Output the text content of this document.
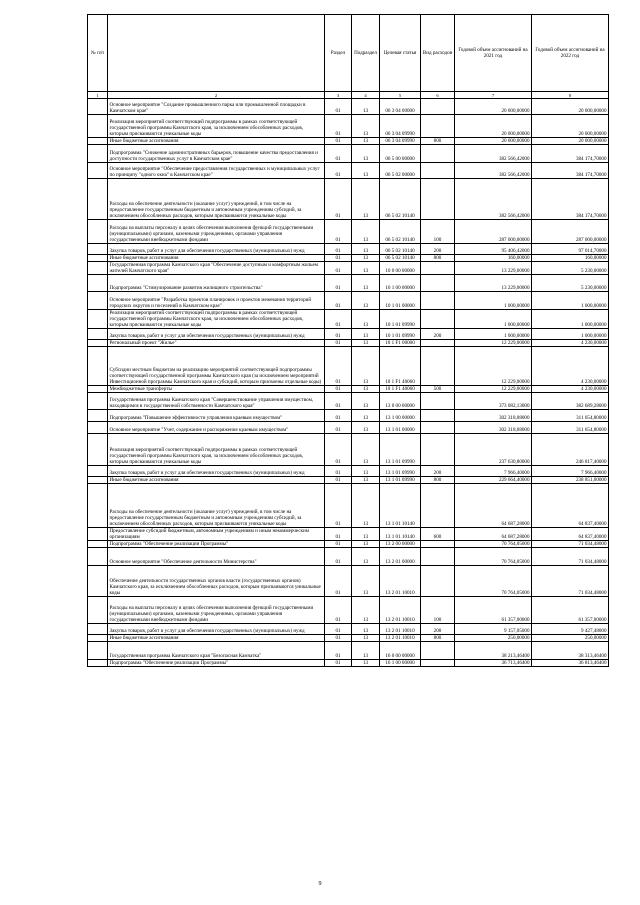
№ п/п		Раздел	Подраздел	Целевая статья	Вид расходов	Годовой объем ассигнований на 2021 год	Годовой объем ассигнований на 2022 год
1	2	3	4	5	6	7	8
	Основное мероприятие "Создание промышленного парка или промышленной площадки в Камчатском крае"	01	13	06 3 04 00000		20 000,00000	20 000,00000
	Реализация мероприятий соответствующей подпрограммы в рамках соответствующей государственной программы Камчатского края, за исключением обособленных расходов, которым присваиваются уникальные коды	01	13	06 3 04 09990		20 000,00000	20 000,00000
	Иные бюджетные ассигнования	01	13	06 3 04 09990	800	20 000,00000	20 000,00000
	Подпрограмма "Снижение административных барьеров, повышение качества предоставления и доступности государственных услуг в Камчатском крае"	01	13	06 5 00 00000		382 566,42000	384 174,70000
	Основное мероприятие "Обеспечение предоставления государственных и муниципальных услуг по принципу "одного окна" в Камчатском крае"	01	13	06 5 02 00000		382 566,42000	384 174,70000
	Расходы на обеспечение деятельности (оказание услуг) учреждений, в том числе на предоставление государственным бюджетным и автономным учреждениям субсидий, за исключением обособленных расходов, которым присваиваются уникальные коды	01	13	06 5 02 10140		382 566,42000	384 174,70000
	Расходы на выплаты персоналу в целях обеспечения выполнения функций государственными (муниципальными) органами, казенными учреждениями, органами управления государственными внебюджетными фондами	01	13	06 5 02 10140	100	287 000,00000	287 000,00000
	Закупка товаров, работ и услуг для обеспечения государственных (муниципальных) нужд	01	13	06 5 02 10140	200	95 406,42000	97 014,70000
	Иные бюджетные ассигнования	01	13	06 5 02 10140	800	160,00000	160,00000
	Государственная программа Камчатского края "Обеспечение доступным и комфортным жильем жителей Камчатского края"	01	13	10 0 00 00000		13 229,00000	5 230,00000
	Подпрограмма "Стимулирование развития жилищного строительства"	01	13	10 1 00 00000		13 229,00000	5 230,00000
	Основное мероприятие "Разработка проектов планировок и проектов межевания территорий городских округов и поселений в Камчатском крае"	01	13	10 1 01 00000		1 000,00000	1 000,00000
	Реализация мероприятий соответствующей подпрограммы в рамках соответствующей государственной программы Камчатского края, за исключением обособленных расходов, которым присваиваются уникальные коды	01	13	10 1 01 09990		1 000,00000	1 000,00000
	Закупка товаров, работ и услуг для обеспечения государственных (муниципальных) нужд	01	13	10 1 01 09990	200	1 000,00000	1 000,00000
	Региональный проект "Жилье"	01	13	10 1 F1 00000		12 229,00000	4 230,00000
	Субсидии местным бюджетам на реализацию мероприятий соответствующей подпрограммы соответствующей государственной программы Камчатского края (за исключением мероприятий Инвестиционной программы Камчатского края и субсидий, которым присвоены отдельные коды)	01	13	10 1 F1 40060		12 229,00000	4 230,00000
	Межбюджетные трансферты	01	13	10 1 F1 40060	500	12 229,00000	4 230,00000
	Государственная программа Камчатского края "Совершенствование управления имуществом, находящимся в государственной собственности Камчатского края"	01	13	13 0 00 00000		373 082,13000	382 689,28000
	Подпрограмма "Повышение эффективности управления краевым имуществом"	01	13	13 1 00 00000		302 318,08000	311 654,80000
	Основное мероприятие "Учет, содержание и распоряжение краевым имуществом"	01	13	13 1 01 00000		302 318,08000	311 654,80000
	Реализация мероприятий соответствующей подпрограммы в рамках соответствующей государственной программы Камчатского края, за исключением обособленных расходов, которым присваиваются уникальные коды	01	13	13 1 01 09990		237 630,80000	246 817,40000
	Закупка товаров, работ и услуг для обеспечения государственных (муниципальных) нужд	01	13	13 1 01 09990	200	7 966,40000	7 966,40000
	Иные бюджетные ассигнования	01	13	13 1 01 09990	800	229 664,40000	238 851,00000
	Расходы на обеспечение деятельности (оказание услуг) учреждений, в том числе на предоставление государственным бюджетным и автономным учреждениям субсидий, за исключением обособленных расходов, которым присваиваются уникальные коды	01	13	13 1 01 10140		64 687,28000	64 837,40000
	Предоставление субсидий бюджетным, автономным учреждениям и иным некоммерческим организациям	01	13	13 1 01 10140	600	64 687,28000	64 837,40000
	Подпрограмма "Обеспечение реализации Программы"	01	13	13 2 00 00000		70 764,05000	71 034,48000
	Основное мероприятие "Обеспечение деятельности Министерства"	01	13	13 2 01 00000		70 764,05000	71 034,48000
	Обеспечение деятельности государственных органов власти (государственных органов) Камчатского края, за исключением обособленных расходов, которым присваиваются уникальные коды	01	13	13 2 01 10010		70 764,05000	71 034,48000
	Расходы на выплаты персоналу в целях обеспечения выполнения функций государственными (муниципальными) органами, казенными учреждениями, органами управления государственными внебюджетными фондами	01	13	13 2 01 10010	100	61 357,00000	61 357,00000
	Закупка товаров, работ и услуг для обеспечения государственных (муниципальных) нужд	01	13	13 2 01 10010	200	9 157,05000	9 427,48000
	Иные бюджетные ассигнования	01	13	13 2 01 10010	800	250,00000	250,00000
	Государственная программа Камчатского края "Безопасная Камчатка"	01	13	16 0 00 00000		38 213,46400	38 313,46400
	Подпрограмма "Обеспечение реализации Программы"	01	13	16 1 00 00000		36 713,46400	36 813,46400
9
